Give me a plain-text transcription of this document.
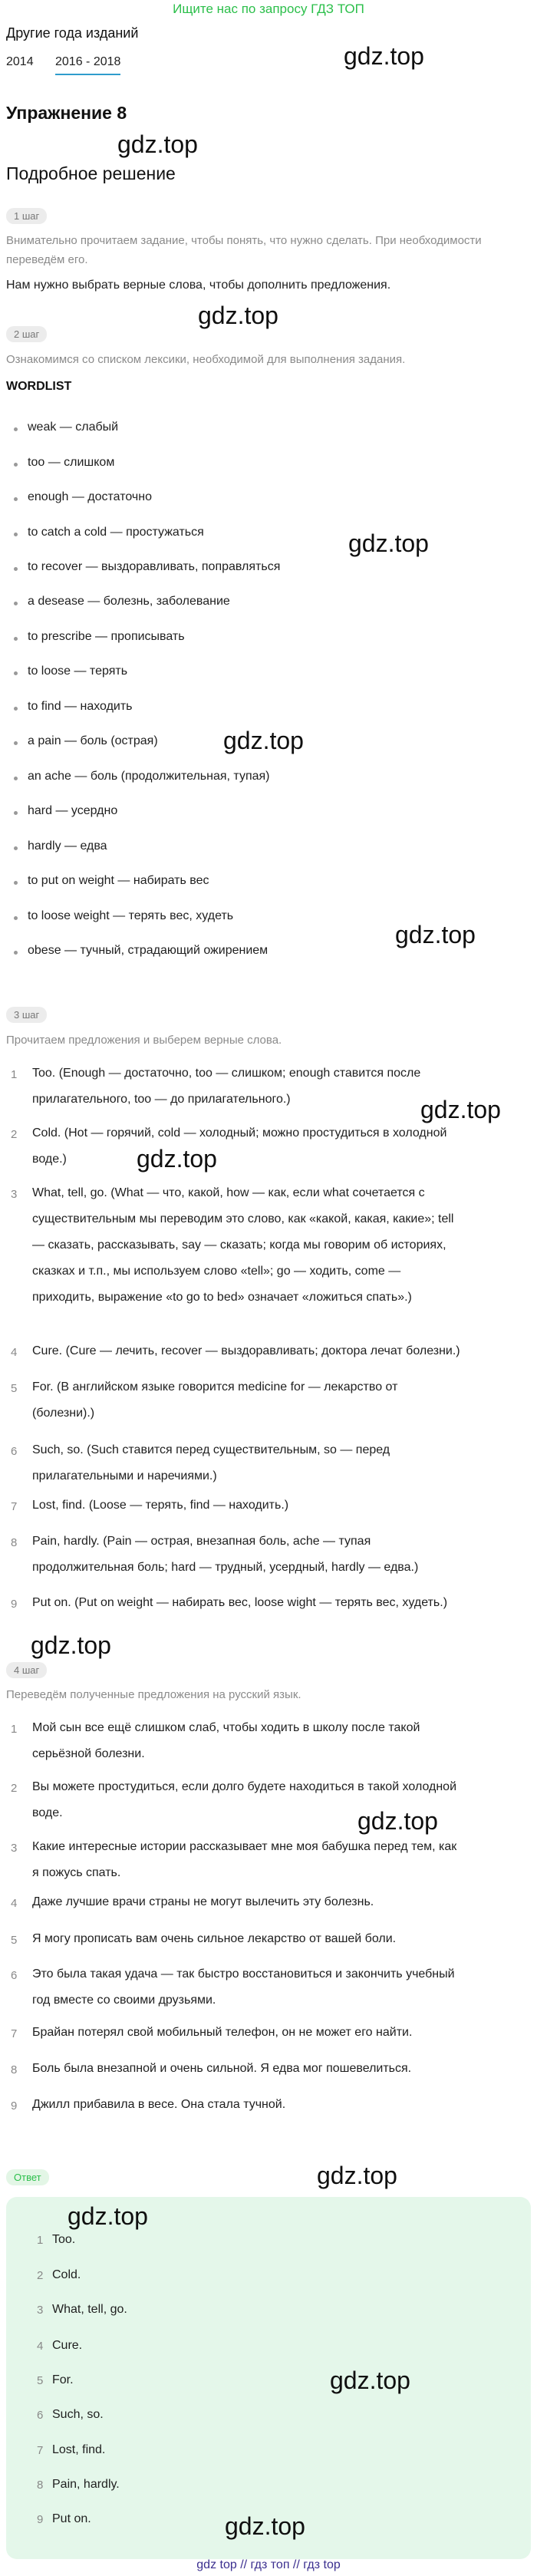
Ищите нас по запросу ГДЗ ТОП
Другие года изданий
2014 2016 - 2018
Упражнение 8
Подробное решение
1 шаг
Внимательно прочитаем задание, чтобы понять, что нужно сделать. При необходимости переведём его.
Нам нужно выбрать верные слова, чтобы дополнить предложения.
2 шаг
Ознакомимся со списком лексики, необходимой для выполнения задания.
WORDLIST
weak — слабый
too — слишком
enough — достаточно
to catch a cold — простужаться
to recover — выздоравливать, поправляться
a desease — болезнь, заболевание
to prescribe — прописывать
to loose — терять
to find — находить
a pain — боль (острая)
an ache — боль (продолжительная, тупая)
hard — усердно
hardly — едва
to put on weight — набирать вес
to loose weight — терять вес, худеть
obese — тучный, страдающий ожирением
3 шаг
Прочитаем предложения и выберем верные слова.
1 Too. (Enough — достаточно, too — слишком; enough ставится после
прилагательного, too — до прилагательного.)
2 Cold. (Hot — горячий, cold — холодный; можно простудиться в холодной
воде.)
3 What, tell, go. (What — что, какой, how — как, если what сочетается с
существительным мы переводим это слово, как «какой, какая, какие»; tell
— сказать, рассказывать, say — сказать; когда мы говорим об историях,
сказках и т.п., мы используем слово «tell»; go — ходить, come —
приходить, выражение «to go to bed» означает «ложиться спать».)
4 Cure. (Cure — лечить, recover — выздоравливать; доктора лечат болезни.)
5 For. (В английском языке говорится medicine for — лекарство от
(болезни).)
6 Such, so. (Such ставится перед существительным, so — перед
прилагательными и наречиями.)
7 Lost, find. (Loose — терять, find — находить.)
8 Pain, hardly. (Pain — острая, внезапная боль, ache — тупая
продолжительная боль; hard — трудный, усердный, hardly — едва.)
9 Put on. (Put on weight — набирать вес, loose wight — терять вес, худеть.)
4 шаг
Переведём полученные предложения на русский язык.
1 Мой сын все ещё слишком слаб, чтобы ходить в школу после такой
серьёзной болезни.
2 Вы можете простудиться, если долго будете находиться в такой холодной
воде.
3 Какие интересные истории рассказывает мне моя бабушка перед тем, как
я пожусь спать.
4 Даже лучшие врачи страны не могут вылечить эту болезнь.
5 Я могу прописать вам очень сильное лекарство от вашей боли.
6 Это была такая удача — так быстро восстановиться и закончить учебный
год вместе со своими друзьями.
7 Брайан потерял свой мобильный телефон, он не может его найти.
8 Боль была внезапной и очень сильной. Я едва мог пошевелиться.
9 Джилл прибавила в весе. Она стала тучной.
Ответ
1 Too.
2 Cold.
3 What, tell, go.
4 Cure.
5 For.
6 Such, so.
7 Lost, find.
8 Pain, hardly.
9 Put on.
gdz.top
gdz.top
gdz.top
gdz.top
gdz.top
gdz.top
gdz.top
gdz.top
gdz.top
gdz.top
gdz.top
gdz.top
gdz.top
gdz.top
gdz top // гдз топ // гдз top
